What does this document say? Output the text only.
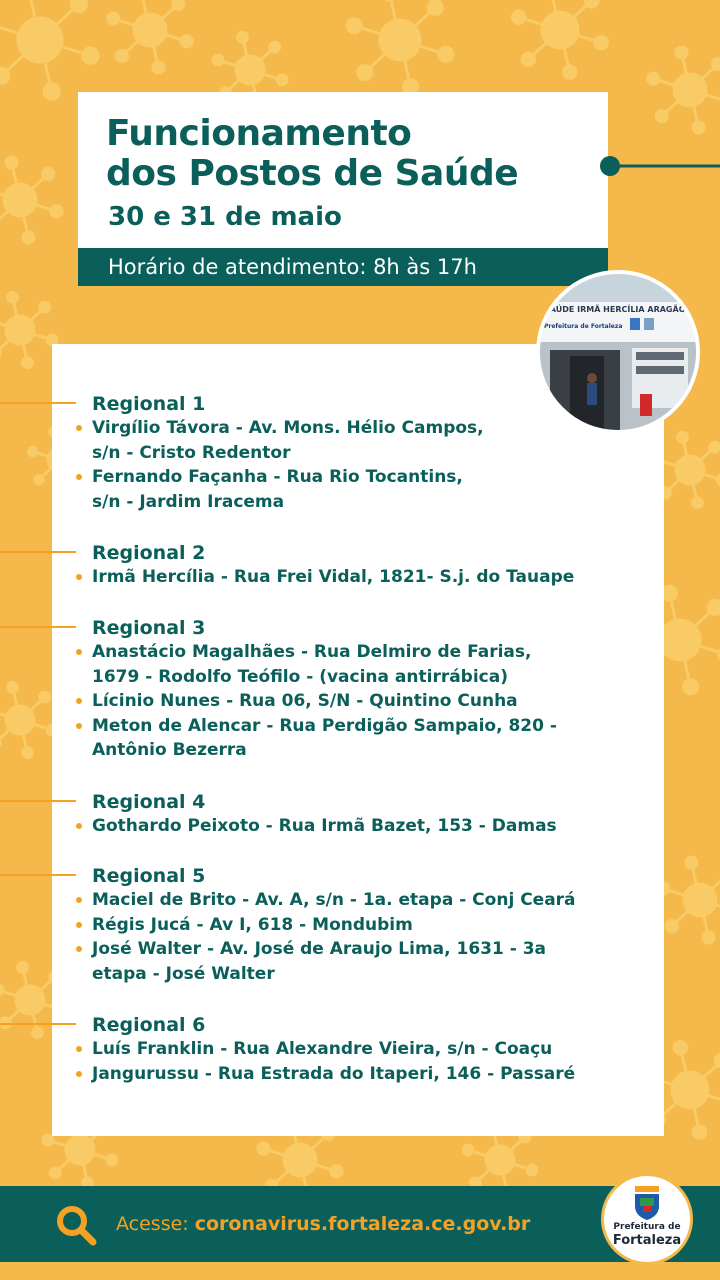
Funcionamento
dos Postos de Saúde

30 e 31 de maio

Horário de atendimento: 8h às 17h
SAÚDE IRMÃ HERCÍLIA ARAGÃO
Prefeitura de Fortaleza
Regional 1
Virgílio Távora - Av. Mons. Hélio Campos,
s/n - Cristo Redentor
Fernando Façanha - Rua Rio Tocantins,
s/n - Jardim Iracema
Regional 2
Irmã Hercília - Rua Frei Vidal, 1821- S.j. do Tauape
Regional 3
Anastácio Magalhães - Rua Delmiro de Farias,
1679 - Rodolfo Teófilo - (vacina antirrábica)
Lícinio Nunes - Rua 06, S/N - Quintino Cunha
Meton de Alencar - Rua Perdigão Sampaio, 820 -
Antônio Bezerra
Regional 4
Gothardo Peixoto - Rua Irmã Bazet, 153 - Damas
Regional 5
Maciel de Brito - Av. A, s/n - 1a. etapa - Conj Ceará
Régis Jucá - Av I, 618 - Mondubim
José Walter - Av. José de Araujo Lima, 1631 - 3a
etapa - José Walter
Regional 6
Luís Franklin - Rua Alexandre Vieira, s/n - Coaçu
Jangurussu - Rua Estrada do Itaperi, 146 - Passaré
Acesse: coronavirus.fortaleza.ce.gov.br	Prefeitura de
Fortaleza
